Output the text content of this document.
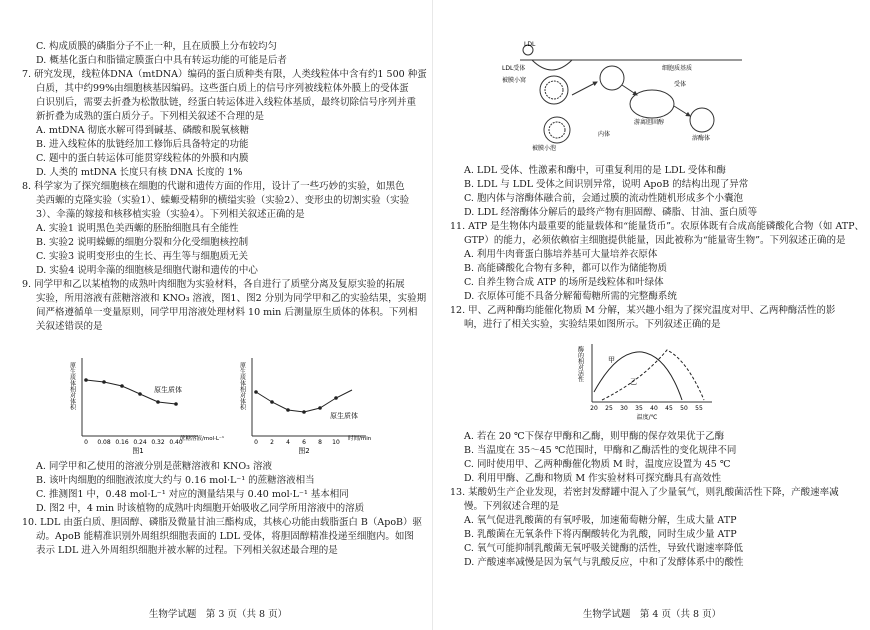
C. 构成质膜的磷脂分子不止一种，且在质膜上分布较均匀
D. 概基化蛋白和脂锚定膜蛋白中具有转运功能的可能是后者
7. 研究发现，线粒体DNA（mtDNA）编码的蛋白质种类有限，人类线粒体中含有约1 500 种蛋
白质，其中约99%由细胞核基因编码。这些蛋白质上的信号序列被线粒体外膜上的受体蛋
白识别后，需要去折叠为松散肽链，经蛋白转运体进入线粒体基质，最终切除信号序列并重
新折叠为成熟的蛋白质分子。下列相关叙述不合理的是
A. mtDNA 彻底水解可得到碱基、磷酸和脱氧核糖
B. 进入线粒体的肽链经加工修饰后具备特定的功能
C. 题中的蛋白转运体可能贯穿线粒体的外膜和内膜
D. 人类的 mtDNA 长度只有核 DNA 长度的 1%
8. 科学家为了探究细胞核在细胞的代谢和遗传方面的作用，设计了一些巧妙的实验，如黑色
美西螈的克隆实验（实验1）、蝾螈受精卵的横缢实验（实验2）、变形虫的切割实验（实验
3）、伞藻的嫁接和核移植实验（实验4）。下列相关叙述正确的是
A. 实验1 说明黑色美西螈的胚胎细胞具有全能性
B. 实验2 说明蝾螈的细胞分裂和分化受细胞核控制
C. 实验3 说明变形虫的生长、再生等与细胞质无关
D. 实验4 说明伞藻的细胞核是细胞代谢和遗传的中心
9. 同学甲和乙以某植物的成熟叶肉细胞为实验材料，各自进行了质壁分离及复原实验的拓展
实验，所用溶液有蔗糖溶液和 KNO₃ 溶液，图1、图2 分别为同学甲和乙的实验结果，实验期
间严格遵循单一变量原则，同学甲用溶液处理材料 10 min 后测量原生质体的体积。下列相
关叙述错误的是
原生质体相对体积	原生质体
0 0.08 0.16 0.24 0.32 0.40
蔗糖溶液/mol·L⁻¹
图1
原生质体相对体积
原生质体
0 2 4 6 8 10 时间/min
图2
A. 同学甲和乙使用的溶液分别是蔗糖溶液和 KNO₃ 溶液
B. 该叶肉细胞的细胞液浓度大约与 0.16 mol·L⁻¹ 的蔗糖溶液相当
C. 推测图1 中，0.48 mol·L⁻¹ 对应的测量结果与 0.40 mol·L⁻¹ 基本相同
D. 图2 中，4 min 时该植物的成熟叶肉细胞开始吸收乙同学所用溶液中的溶质
10. LDL 由蛋白质、胆固醇、磷脂及微量甘油三酯构成，其核心功能由载脂蛋白 B（ApoB）驱
动。ApoB 能精准识别外周组织细胞表面的 LDL 受体，将胆固醇精准投递至细胞内。如图
表示 LDL 进入外周组织细胞并被水解的过程。下列相关叙述最合理的是
生物学试题　第 3 页（共 8 页）
LDL
LDL受体
被膜小窝
被膜小泡
游离胆固醇
溶酶体
内体
受体
细胞质基质
A. LDL 受体、性激素和酶中，可重复利用的是 LDL 受体和酶
B. LDL 与 LDL 受体之间识别异常，说明 ApoB 的结构出现了异常
C. 胞内体与溶酶体融合前，会通过膜的流动性随机形成多个小囊泡
D. LDL 经溶酶体分解后的最终产物有胆固醇、磷脂、甘油、蛋白质等
11. ATP 是生物体内最重要的能量载体和“能量货币”。农原体既有合成高能磷酸化合物（如 ATP、
GTP）的能力，必须依赖宿主细胞提供能量，因此被称为“能量寄生物”。下列叙述正确的是
A. 利用牛肉膏蛋白胨培养基可大量培养衣原体
B. 高能磷酸化合物有多种，都可以作为储能物质
C. 自养生物合成 ATP 的场所是线粒体和叶绿体
D. 衣原体可能不具备分解葡萄糖所需的完整酶系统
12. 甲、乙两种酶均能催化物质 M 分解，某兴趣小组为了探究温度对甲、乙两种酶活性的影
响，进行了相关实验，实验结果如图所示。下列叙述正确的是
酶的相对活性	甲
乙
20 25 30 35 40 45 50 55
温度/℃
A. 若在 20 ℃下保存甲酶和乙酶，则甲酶的保存效果优于乙酶
B. 当温度在 35～45 ℃范围时，甲酶和乙酶活性的变化规律不同
C. 同时使用甲、乙两种酶催化物质 M 时，温度应设置为 45 ℃
D. 利用甲酶、乙酶和物质 M 作实验材料可探究酶具有高效性
13. 某酸奶生产企业发现，若密封发酵罐中混入了少量氧气，则乳酸菌活性下降，产酸速率减
慢。下列叙述合理的是
A. 氧气促进乳酸菌的有氧呼吸，加速葡萄糖分解，生成大量 ATP
B. 乳酸菌在无氧条件下将丙酮酸转化为乳酸，同时生成少量 ATP
C. 氧气可能抑制乳酸菌无氧呼吸关键酶的活性，导致代谢速率降低
D. 产酸速率减慢是因为氧气与乳酸反应，中和了发酵体系中的酸性
生物学试题　第 4 页（共 8 页）
